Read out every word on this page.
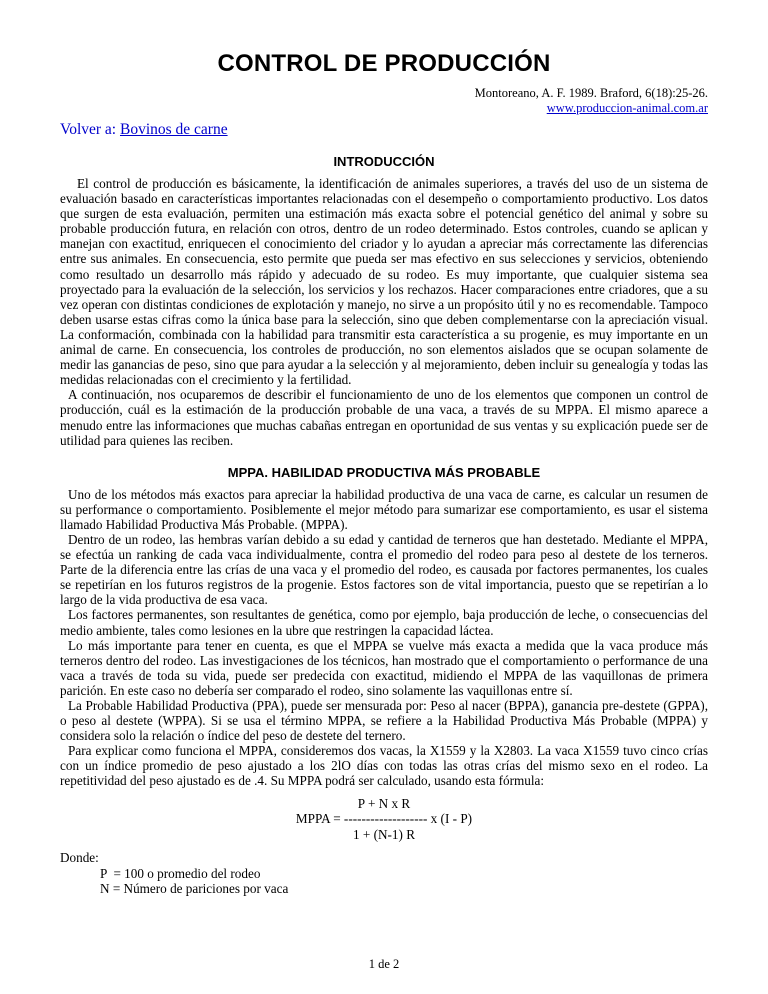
CONTROL DE PRODUCCIÓN
Montoreano, A. F. 1989. Braford, 6(18):25-26.
www.produccion-animal.com.ar
Volver a: Bovinos de carne
INTRODUCCIÓN

El control de producción es básicamente, la identificación de animales superiores, a través del uso de un sistema de evaluación basado en características importantes relacionadas con el desempeño o comportamiento productivo. Los datos que surgen de esta evaluación, permiten una estimación más exacta sobre el potencial genético del animal y sobre su probable producción futura, en relación con otros, dentro de un rodeo determinado. Estos controles, cuando se aplican y manejan con exactitud, enriquecen el conocimiento del criador y lo ayudan a apreciar más correctamente las diferencias entre sus animales. En consecuencia, esto permite que pueda ser mas efectivo en sus selecciones y servicios, obteniendo como resultado un desarrollo más rápido y adecuado de su rodeo. Es muy importante, que cualquier sistema sea proyectado para la evaluación de la selección, los servicios y los rechazos. Hacer comparaciones entre criadores, que a su vez operan con distintas condiciones de explotación y manejo, no sirve a un propósito útil y no es recomendable. Tampoco deben usarse estas cifras como la única base para la selección, sino que deben complementarse con la apreciación visual. La conformación, combinada con la habilidad para transmitir esta característica a su progenie, es muy importante en un animal de carne. En consecuencia, los controles de producción, no son elementos aislados que se ocupan solamente de medir las ganancias de peso, sino que para ayudar a la selección y al mejoramiento, deben incluir su genealogía y todas las medidas relacionadas con el crecimiento y la fertilidad.

A continuación, nos ocuparemos de describir el funcionamiento de uno de los elementos que componen un control de producción, cuál es la estimación de la producción probable de una vaca, a través de su MPPA. El mismo aparece a menudo entre las informaciones que muchas cabañas entregan en oportunidad de sus ventas y su explicación puede ser de utilidad para quienes las reciben.

MPPA. HABILIDAD PRODUCTIVA MÁS PROBABLE

Uno de los métodos más exactos para apreciar la habilidad productiva de una vaca de carne, es calcular un resumen de su performance o comportamiento. Posiblemente el mejor método para sumarizar ese comportamiento, es usar el sistema llamado Habilidad Productiva Más Probable. (MPPA).

Dentro de un rodeo, las hembras varían debido a su edad y cantidad de terneros que han destetado. Mediante el MPPA, se efectúa un ranking de cada vaca individualmente, contra el promedio del rodeo para peso al destete de los terneros. Parte de la diferencia entre las crías de una vaca y el promedio del rodeo, es causada por factores permanentes, los cuales se repetirían en los futuros registros de la progenie. Estos factores son de vital importancia, puesto que se repetirían a lo largo de la vida productiva de esa vaca.

Los factores permanentes, son resultantes de genética, como por ejemplo, baja producción de leche, o consecuencias del medio ambiente, tales como lesiones en la ubre que restringen la capacidad láctea.

Lo más importante para tener en cuenta, es que el MPPA se vuelve más exacta a medida que la vaca produce más terneros dentro del rodeo. Las investigaciones de los técnicos, han mostrado que el comportamiento o performance de una vaca a través de toda su vida, puede ser predecida con exactitud, midiendo el MPPA de las vaquillonas de primera parición. En este caso no debería ser comparado el rodeo, sino solamente las vaquillonas entre sí.

La Probable Habilidad Productiva (PPA), puede ser mensurada por: Peso al nacer (BPPA), ganancia pre-destete (GPPA), o peso al destete (WPPA). Si se usa el término MPPA, se refiere a la Habilidad Productiva Más Probable (MPPA) y considera solo la relación o índice del peso de destete del ternero.

Para explicar como funciona el MPPA, consideremos dos vacas, la X1559 y la X2803. La vaca X1559 tuvo cinco crías con un índice promedio de peso ajustado a los 2lO días con todas las otras crías del mismo sexo en el rodeo. La repetitividad del peso ajustado es de .4. Su MPPA podrá ser calculado, usando esta fórmula:

P + N x R
MPPA = ------------------- x (I - P)
1 + (N-1) R
Donde:
P  = 100 o promedio del rodeo
N = Número de pariciones por vaca
1 de 2
